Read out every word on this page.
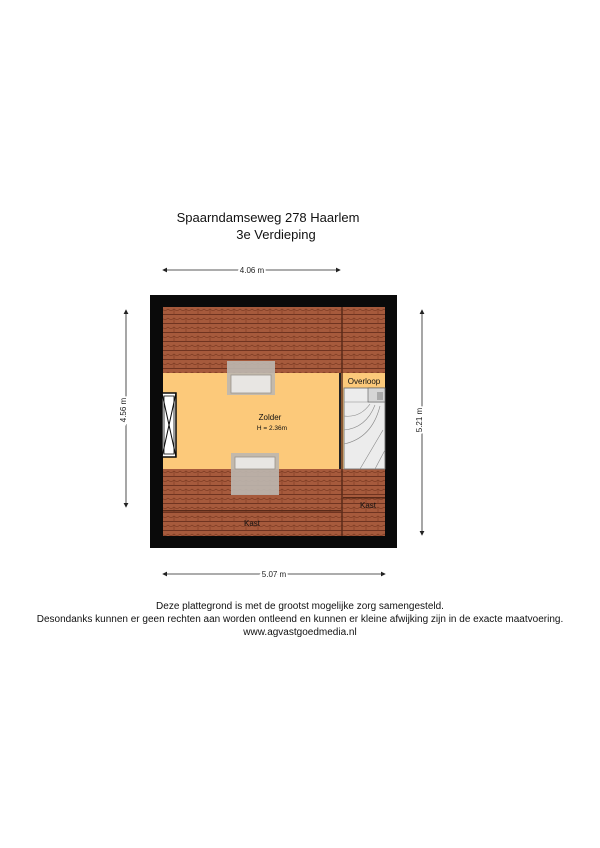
Spaarndamseweg 278 Haarlem
3e Verdieping
Zolder
H = 2.36m
Overloop
Kast
Kast
4.06 m
5.07 m
4.56 m	5.21 m
Deze plattegrond is met de grootst mogelijke zorg samengesteld.
Desondanks kunnen er geen rechten aan worden ontleend en kunnen er kleine afwijking zijn in de exacte maatvoering.
www.agvastgoedmedia.nl
